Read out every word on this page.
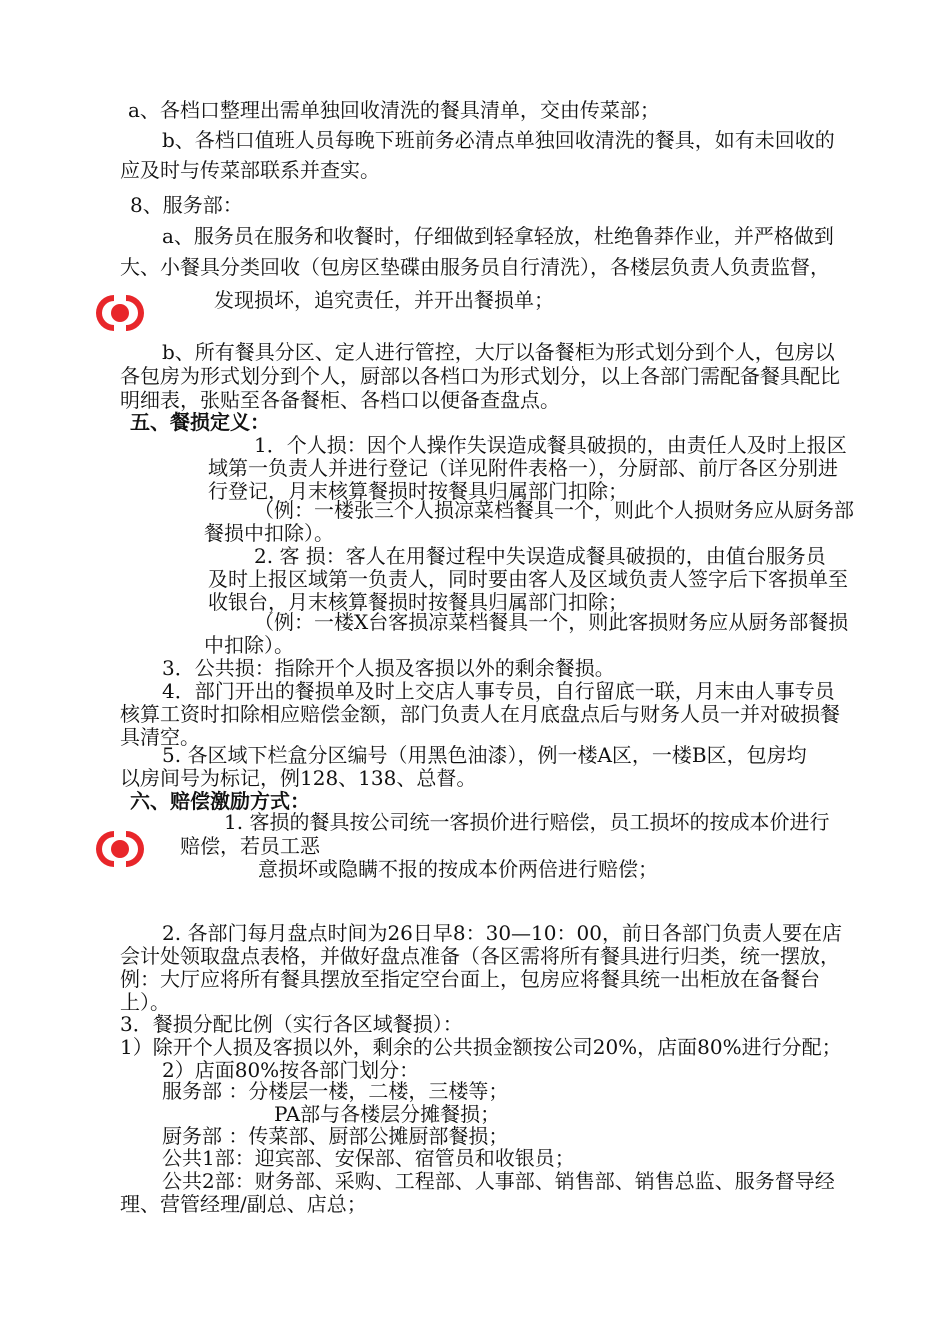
a、各档口整理出需单独回收清洗的餐具清单，交由传菜部；
b、各档口值班人员每晚下班前务必清点单独回收清洗的餐具，如有未回收的
应及时与传菜部联系并查实。
8、服务部：
a、服务员在服务和收餐时，仔细做到轻拿轻放，杜绝鲁莽作业，并严格做到
大、小餐具分类回收（包房区垫碟由服务员自行清洗），各楼层负责人负责监督，
发现损坏，追究责任，并开出餐损单；
b、所有餐具分区、定人进行管控，大厅以备餐柜为形式划分到个人，包房以
各包房为形式划分到个人，厨部以各档口为形式划分，以上各部门需配备餐具配比
明细表，张贴至各备餐柜、各档口以便备查盘点。
五、餐损定义：
1．个人损：因个人操作失误造成餐具破损的，由责任人及时上报区
域第一负责人并进行登记（详见附件表格一），分厨部、前厅各区分别进
行登记，月末核算餐损时按餐具归属部门扣除；
（例：一楼张三个人损凉菜档餐具一个，则此个人损财务应从厨务部
餐损中扣除）。
2. 客 损：客人在用餐过程中失误造成餐具破损的，由值台服务员
及时上报区域第一负责人，同时要由客人及区域负责人签字后下客损单至
收银台，月末核算餐损时按餐具归属部门扣除；
（例：一楼X台客损凉菜档餐具一个，则此客损财务应从厨务部餐损
中扣除）。
3．公共损：指除开个人损及客损以外的剩余餐损。
4．部门开出的餐损单及时上交店人事专员，自行留底一联，月末由人事专员
核算工资时扣除相应赔偿金额，部门负责人在月底盘点后与财务人员一并对破损餐
具清空。
5. 各区域下栏盒分区编号（用黑色油漆），例一楼A区，一楼B区，包房均
以房间号为标记，例128、138、总督。
六、赔偿激励方式：
1. 客损的餐具按公司统一客损价进行赔偿，员工损坏的按成本价进行
赔偿，若员工恶
意损坏或隐瞒不报的按成本价两倍进行赔偿；
2. 各部门每月盘点时间为26日早8：30—10：00，前日各部门负责人要在店
会计处领取盘点表格，并做好盘点准备（各区需将所有餐具进行归类，统一摆放，
例：大厅应将所有餐具摆放至指定空台面上，包房应将餐具统一出柜放在备餐台
上）。
3．餐损分配比例（实行各区域餐损）：
1）除开个人损及客损以外，剩余的公共损金额按公司20%，店面80%进行分配；
2）店面80%按各部门划分：
服务部 ：分楼层一楼，二楼，三楼等；
PA部与各楼层分摊餐损；
厨务部 ：传菜部、厨部公摊厨部餐损；
公共1部：迎宾部、安保部、宿管员和收银员；
公共2部：财务部、采购、工程部、人事部、销售部、销售总监、服务督导经
理、营管经理/副总、店总；
